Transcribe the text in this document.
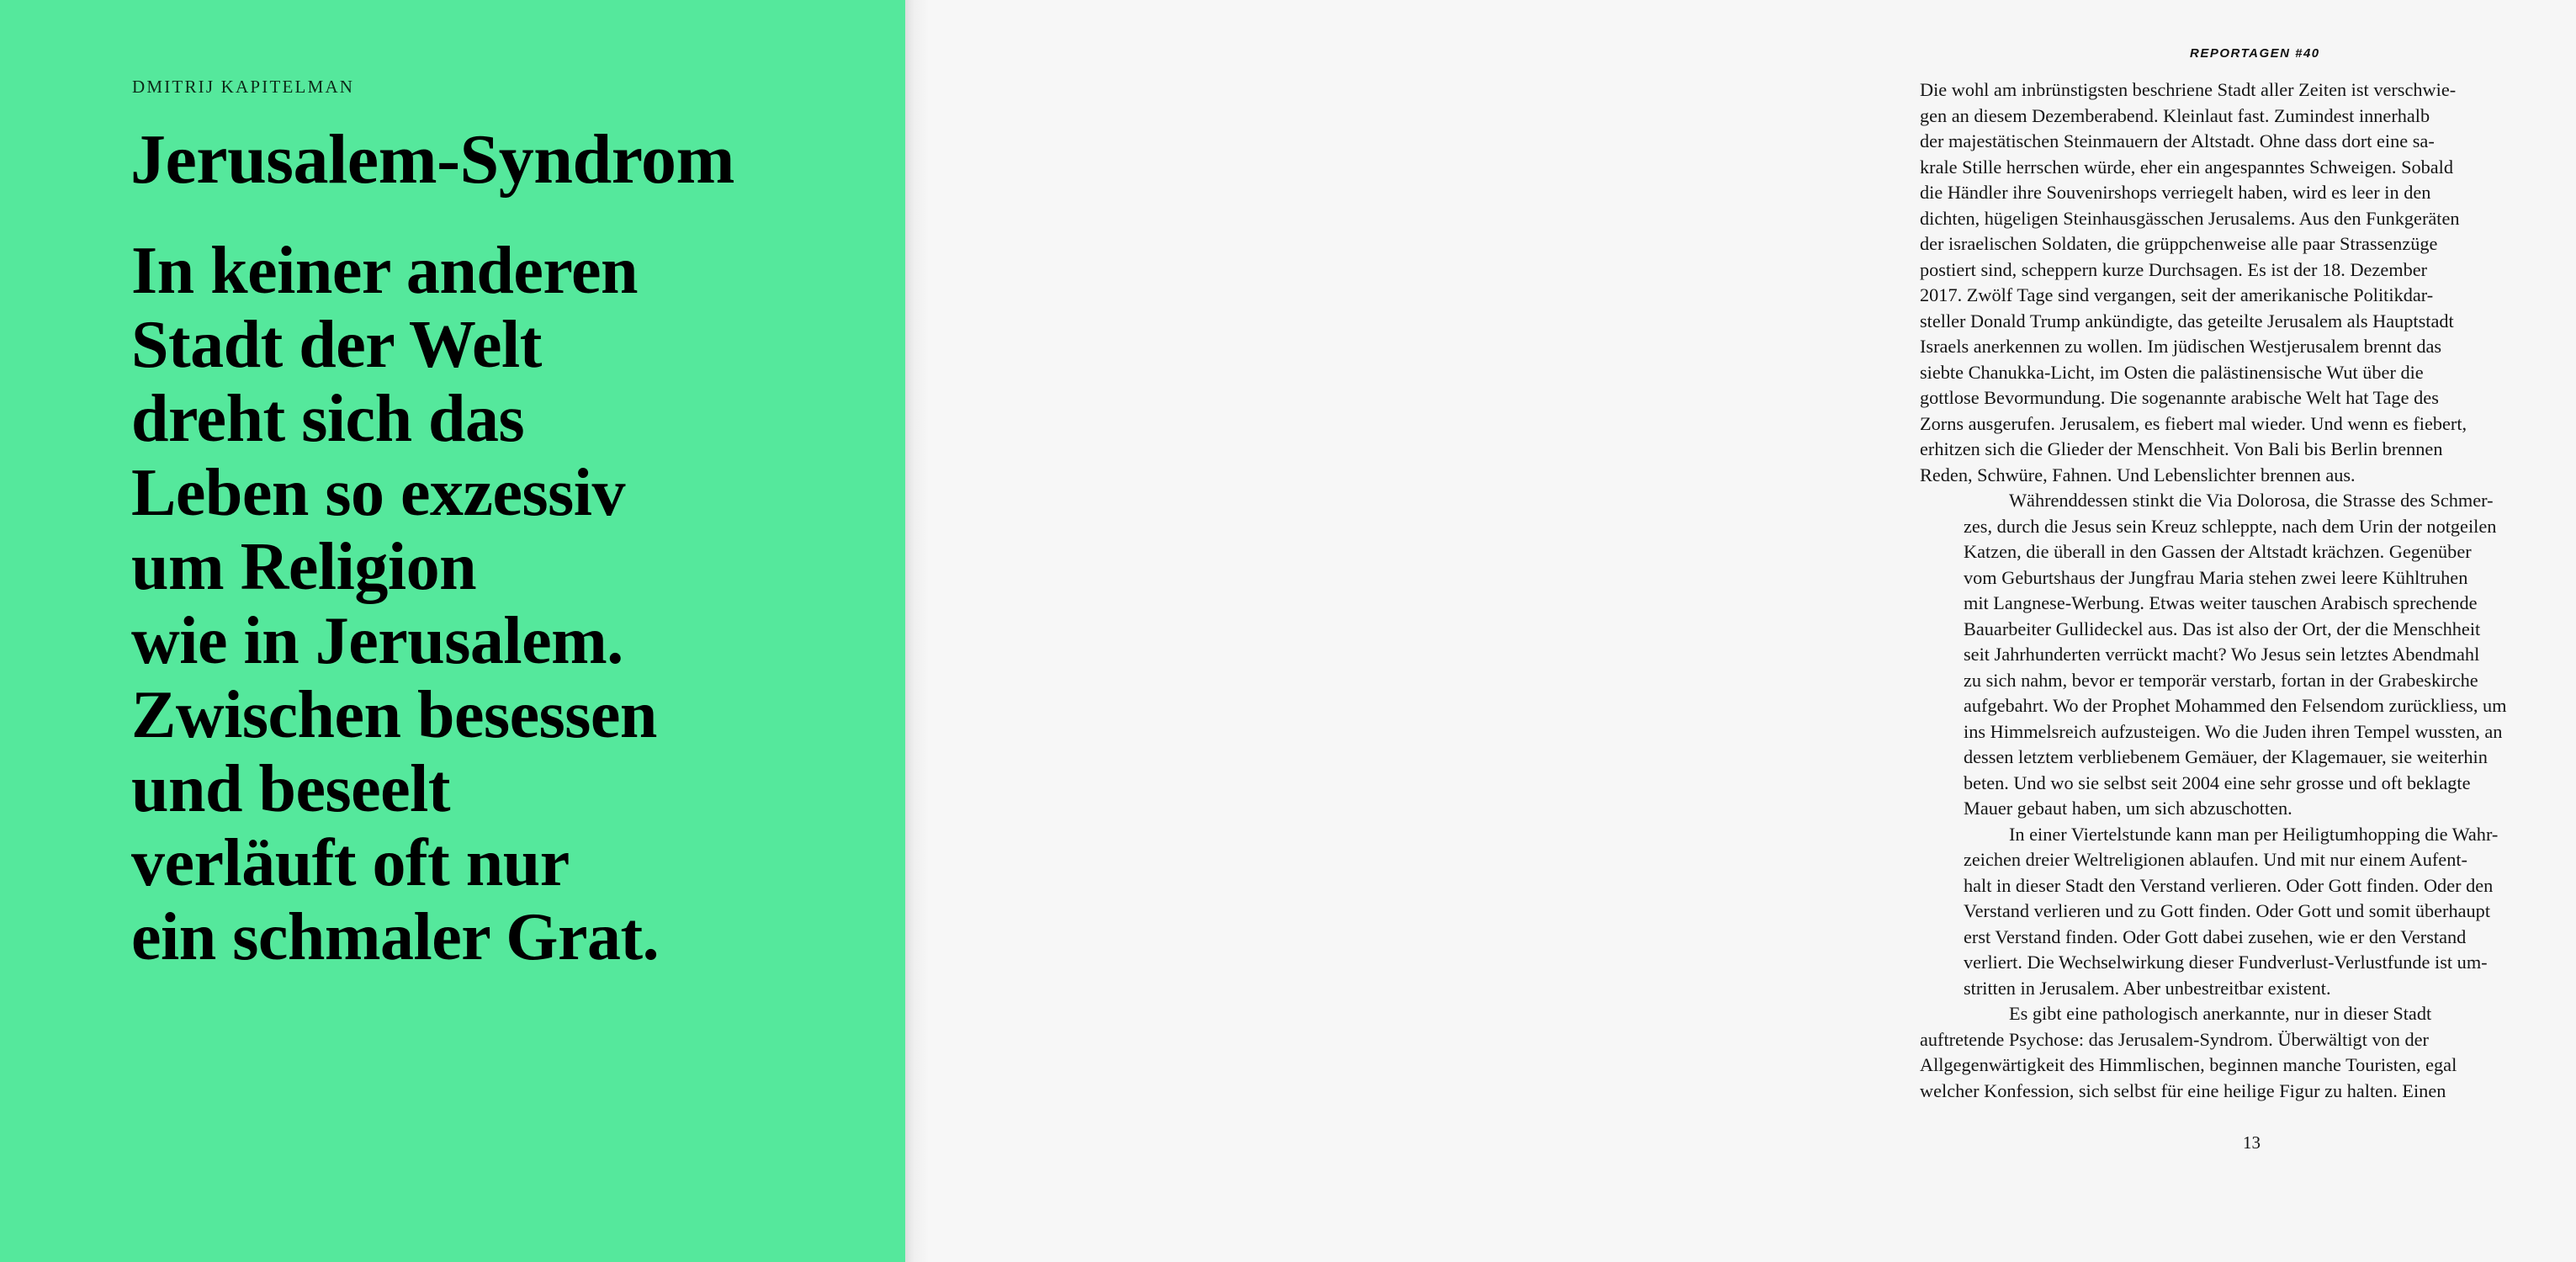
DMITRIJ KAPITELMAN
Jerusalem-Syndrom
In keiner anderen
Stadt der Welt
dreht sich das
Leben so exzessiv
um Religion
wie in Jerusalem.
Zwischen besessen
und beseelt
verläuft oft nur
ein schmaler Grat.
REPORTAGEN #40
Die wohl am inbrünstigsten beschriene Stadt aller Zeiten ist verschwie-
gen an diesem Dezemberabend. Kleinlaut fast. Zumindest innerhalb
der majestätischen Steinmauern der Altstadt. Ohne dass dort eine sa-
krale Stille herrschen würde, eher ein angespanntes Schweigen. Sobald
die Händler ihre Souvenirshops verriegelt haben, wird es leer in den
dichten, hügeligen Steinhausgässchen Jerusalems. Aus den Funkgeräten
der israelischen Soldaten, die grüppchenweise alle paar Strassenzüge
postiert sind, scheppern kurze Durchsagen. Es ist der 18. Dezember
2017. Zwölf Tage sind vergangen, seit der amerikanische Politikdar-
steller Donald Trump ankündigte, das geteilte Jerusalem als Hauptstadt
Israels anerkennen zu wollen. Im jüdischen Westjerusalem brennt das
siebte Chanukka-Licht, im Osten die palästinensische Wut über die
gottlose Bevormundung. Die sogenannte arabische Welt hat Tage des
Zorns ausgerufen. Jerusalem, es fiebert mal wieder. Und wenn es fiebert,
erhitzen sich die Glieder der Menschheit. Von Bali bis Berlin brennen
Reden, Schwüre, Fahnen. Und Lebenslichter brennen aus.
Währenddessen stinkt die Via Dolorosa, die Strasse des Schmer-
zes, durch die Jesus sein Kreuz schleppte, nach dem Urin der notgeilen
Katzen, die überall in den Gassen der Altstadt krächzen. Gegenüber
vom Geburtshaus der Jungfrau Maria stehen zwei leere Kühltruhen
mit Langnese-Werbung. Etwas weiter tauschen Arabisch sprechende
Bauarbeiter Gullideckel aus. Das ist also der Ort, der die Menschheit
seit Jahrhunderten verrückt macht? Wo Jesus sein letztes Abendmahl
zu sich nahm, bevor er temporär verstarb, fortan in der Grabeskirche
aufgebahrt. Wo der Prophet Mohammed den Felsendom zurückliess, um
ins Himmelsreich aufzusteigen. Wo die Juden ihren Tempel wussten, an
dessen letztem verbliebenem Gemäuer, der Klagemauer, sie weiterhin
beten. Und wo sie selbst seit 2004 eine sehr grosse und oft beklagte
Mauer gebaut haben, um sich abzuschotten.
In einer Viertelstunde kann man per Heiligtumhopping die Wahr-
zeichen dreier Weltreligionen ablaufen. Und mit nur einem Aufent-
halt in dieser Stadt den Verstand verlieren. Oder Gott finden. Oder den
Verstand verlieren und zu Gott finden. Oder Gott und somit überhaupt
erst Verstand finden. Oder Gott dabei zusehen, wie er den Verstand
verliert. Die Wechselwirkung dieser Fundverlust-Verlustfunde ist um-
stritten in Jerusalem. Aber unbestreitbar existent.
Es gibt eine pathologisch anerkannte, nur in dieser Stadt
auftretende Psychose: das Jerusalem-Syndrom. Überwältigt von der
Allgegenwärtigkeit des Himmlischen, beginnen manche Touristen, egal
welcher Konfession, sich selbst für eine heilige Figur zu halten. Einen
13
